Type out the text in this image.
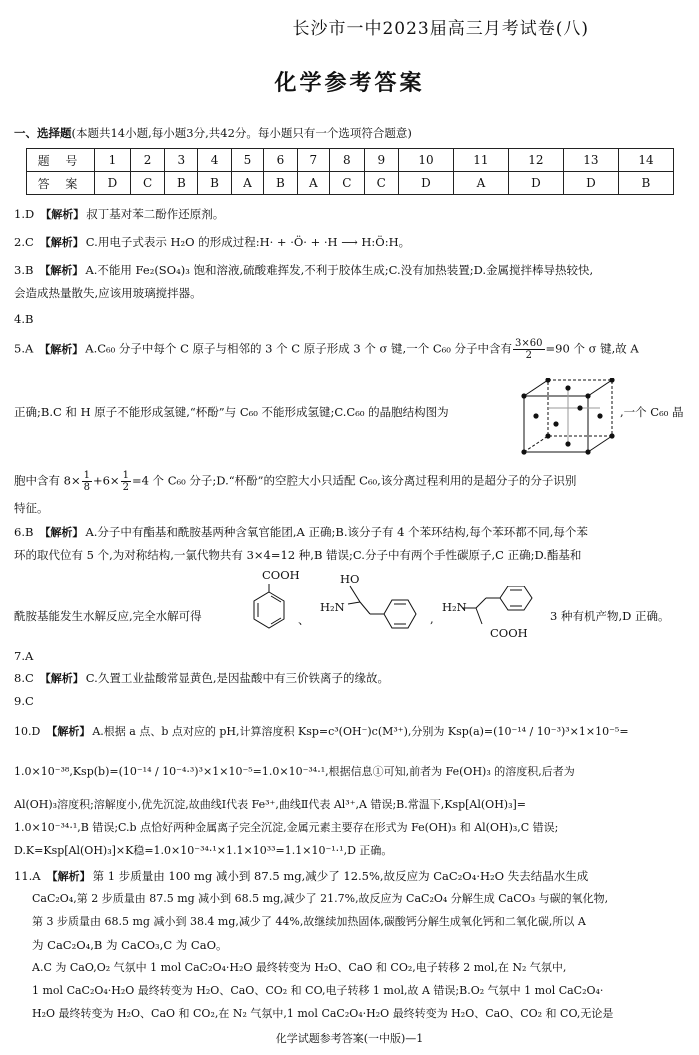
长沙市一中2023届高三月考试卷(八)
化学参考答案
一、选择题(本题共14小题,每小题3分,共42分。每小题只有一个选项符合题意)
题 号	1	2	3	4	5	6	7	8	9	10	11	12	13	14
答 案	D	C	B	B	A	B	A	C	C	D	A	D	D	B
1.D 【解析】 叔丁基对苯二酚作还原剂。
2.C 【解析】 C.用电子式表示 H₂O 的形成过程:H· + ·Ö· + ·H ⟶ H:Ö:H。
3.B 【解析】 A.不能用 Fe₂(SO₄)₃ 饱和溶液,硫酸难挥发,不利于胶体生成;C.没有加热装置;D.金属搅拌棒导热较快,
会造成热量散失,应该用玻璃搅拌器。
4.B
5.A 【解析】 A.C₆₀ 分子中每个 C 原子与相邻的 3 个 C 原子形成 3 个 σ 键,一个 C₆₀ 分子中含有 $\frac{3\times 60}{2} =90$ 个 σ 键,故 A
正确;B.C 和 H 原子不能形成氢键,“杯酚”与 C₆₀ 不能形成氢键;C.C₆₀ 的晶胞结构图为	,一个 C₆₀ 晶
胞中含有 $8\times \frac{1}{8} +6\times \frac{1}{2} =4$ 个 C₆₀ 分子;D.“杯酚”的空腔大小只适配 C₆₀,该分离过程利用的是超分子的分子识别
特征。
6.B 【解析】 A.分子中有酯基和酰胺基两种含氧官能团,A 正确;B.该分子有 4 个苯环结构,每个苯环都不同,每个苯
环的取代位有 5 个,为对称结构,一氯代物共有 3×4=12 种,B 错误;C.分子中有两个手性碳原子,C 正确;D.酯基和
酰胺基能发生水解反应,完全水解可得
COOH
、
HO
H₂N
,
H₂N
COOH
3 种有机产物,D 正确。
7.A
8.C 【解析】 C.久置工业盐酸常显黄色,是因盐酸中有三价铁离子的缘故。
9.C
10.D 【解析】 A.根据 a 点、b 点对应的 pH,计算溶度积 Ksp=c³(OH⁻)c(M³⁺),分别为 Ksp(a)=(10⁻¹⁴ / 10⁻³)³×1×10⁻⁵=
1.0×10⁻³⁸,Ksp(b)=(10⁻¹⁴ / 10⁻⁴·³)³×1×10⁻⁵=1.0×10⁻³⁴·¹,根据信息①可知,前者为 Fe(OH)₃ 的溶度积,后者为
Al(OH)₃溶度积;溶解度小,优先沉淀,故曲线Ⅰ代表 Fe³⁺,曲线Ⅱ代表 Al³⁺,A 错误;B.常温下,Ksp[Al(OH)₃]=
1.0×10⁻³⁴·¹,B 错误;C.b 点恰好两种金属离子完全沉淀,金属元素主要存在形式为 Fe(OH)₃ 和 Al(OH)₃,C 错误;
D.K=Ksp[Al(OH)₃]×K稳=1.0×10⁻³⁴·¹×1.1×10³³=1.1×10⁻¹·¹,D 正确。
11.A 【解析】 第 1 步质量由 100 mg 减小到 87.5 mg,减少了 12.5%,故反应为 CaC₂O₄·H₂O 失去结晶水生成
CaC₂O₄,第 2 步质量由 87.5 mg 减小到 68.5 mg,减少了 21.7%,故反应为 CaC₂O₄ 分解生成 CaCO₃ 与碳的氧化物,
第 3 步质量由 68.5 mg 减小到 38.4 mg,减少了 44%,故继续加热固体,碳酸钙分解生成氧化钙和二氧化碳,所以 A
为 CaC₂O₄,B 为 CaCO₃,C 为 CaO。
A.C 为 CaO,O₂ 气氛中 1 mol CaC₂O₄·H₂O 最终转变为 H₂O、CaO 和 CO₂,电子转移 2 mol,在 N₂ 气氛中,
1 mol CaC₂O₄·H₂O 最终转变为 H₂O、CaO、CO₂ 和 CO,电子转移 1 mol,故 A 错误;B.O₂ 气氛中 1 mol CaC₂O₄·
H₂O 最终转变为 H₂O、CaO 和 CO₂,在 N₂ 气氛中,1 mol CaC₂O₄·H₂O 最终转变为 H₂O、CaO、CO₂ 和 CO,无论是
化学试题参考答案(一中版)—1
